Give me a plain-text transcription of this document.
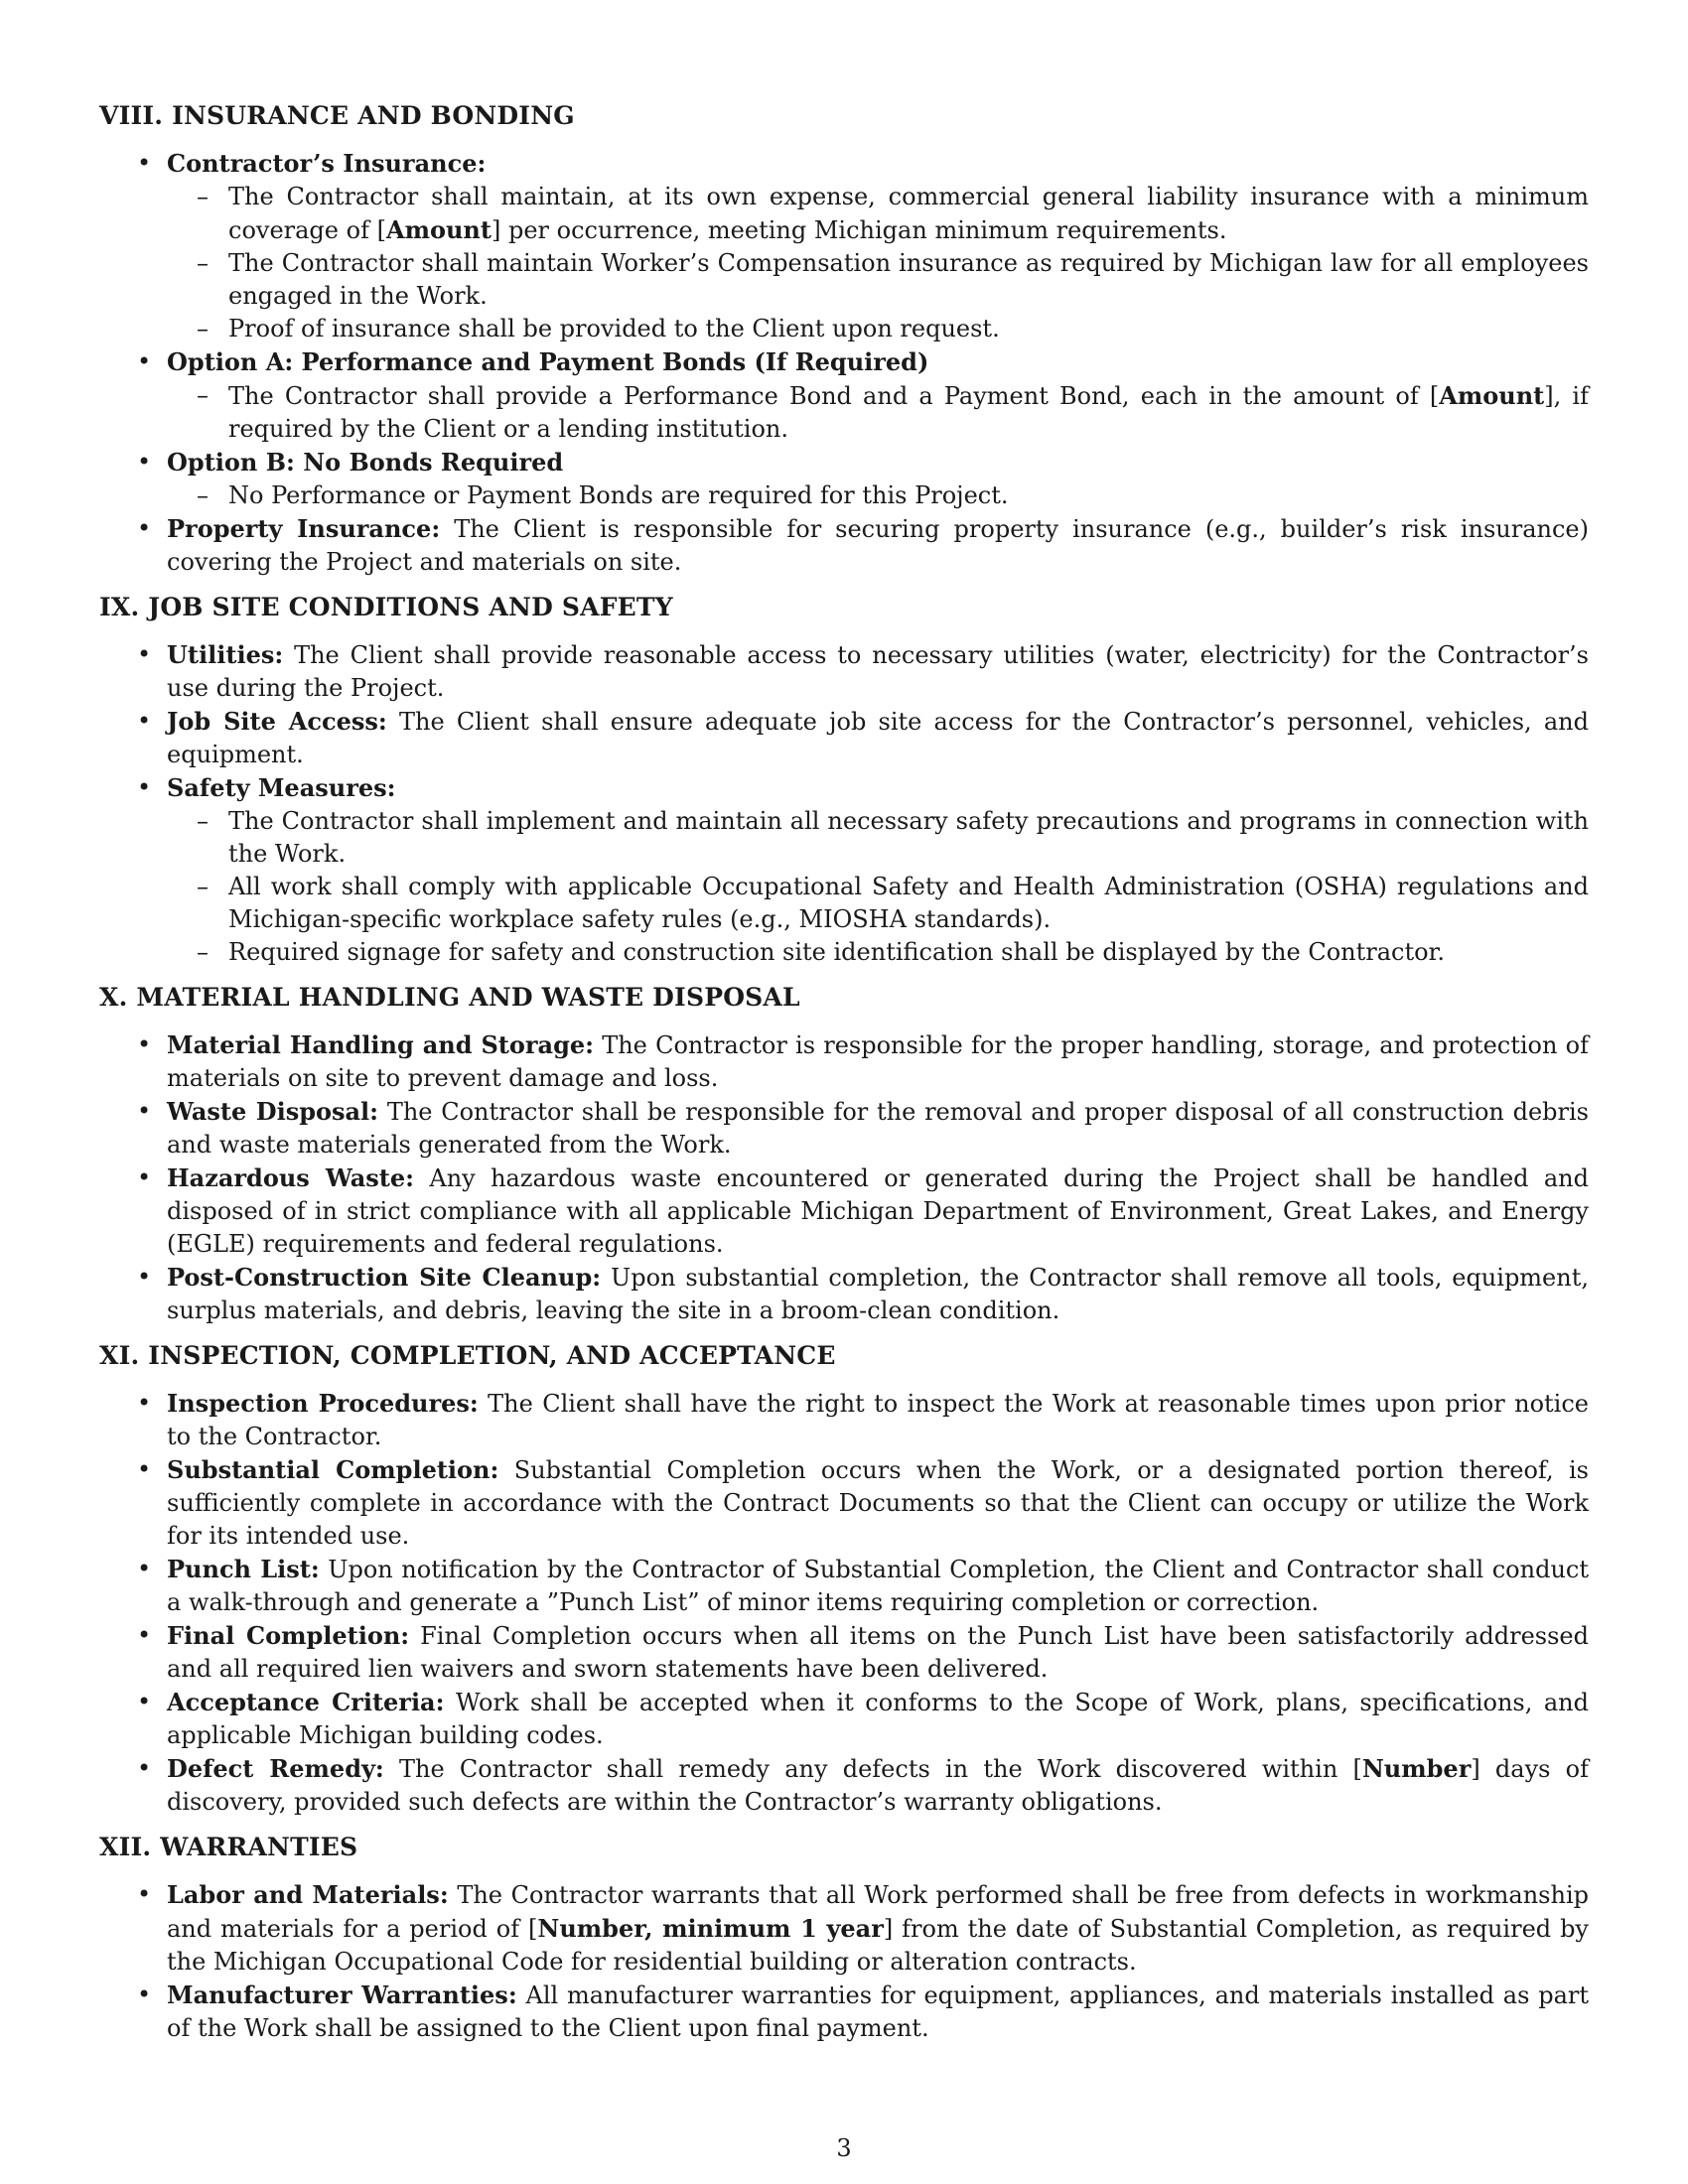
VIII. INSURANCE AND BONDING
• Contractor’s Insurance:
– The Contractor shall maintain, at its own expense, commercial general liability insurance with a minimum coverage of [Amount] per occurrence, meeting Michigan minimum requirements.
– The Contractor shall maintain Worker’s Compensation insurance as required by Michigan law for all employees engaged in the Work.
– Proof of insurance shall be provided to the Client upon request.
• Option A: Performance and Payment Bonds (If Required)
– The Contractor shall provide a Performance Bond and a Payment Bond, each in the amount of [Amount], if required by the Client or a lending institution.
• Option B: No Bonds Required
– No Performance or Payment Bonds are required for this Project.
• Property Insurance: The Client is responsible for securing property insurance (e.g., builder’s risk insurance) covering the Project and materials on site.
IX. JOB SITE CONDITIONS AND SAFETY
• Utilities: The Client shall provide reasonable access to necessary utilities (water, electricity) for the Contractor’s use during the Project.
• Job Site Access: The Client shall ensure adequate job site access for the Contractor’s personnel, vehicles, and equipment.
• Safety Measures:
– The Contractor shall implement and maintain all necessary safety precautions and programs in connection with the Work.
– All work shall comply with applicable Occupational Safety and Health Administration (OSHA) regulations and Michigan-specific workplace safety rules (e.g., MIOSHA standards).
– Required signage for safety and construction site identification shall be displayed by the Contractor.
X. MATERIAL HANDLING AND WASTE DISPOSAL
• Material Handling and Storage: The Contractor is responsible for the proper handling, storage, and protection of materials on site to prevent damage and loss.
• Waste Disposal: The Contractor shall be responsible for the removal and proper disposal of all construction debris and waste materials generated from the Work.
• Hazardous Waste: Any hazardous waste encountered or generated during the Project shall be handled and disposed of in strict compliance with all applicable Michigan Department of Environment, Great Lakes, and Energy (EGLE) requirements and federal regulations.
• Post-Construction Site Cleanup: Upon substantial completion, the Contractor shall remove all tools, equipment, surplus materials, and debris, leaving the site in a broom-clean condition.
XI. INSPECTION, COMPLETION, AND ACCEPTANCE
• Inspection Procedures: The Client shall have the right to inspect the Work at reasonable times upon prior notice to the Contractor.
• Substantial Completion: Substantial Completion occurs when the Work, or a designated portion thereof, is sufficiently complete in accordance with the Contract Documents so that the Client can occupy or utilize the Work for its intended use.
• Punch List: Upon notification by the Contractor of Substantial Completion, the Client and Contractor shall conduct a walk-through and generate a ”Punch List” of minor items requiring completion or correction.
• Final Completion: Final Completion occurs when all items on the Punch List have been satisfactorily addressed and all required lien waivers and sworn statements have been delivered.
• Acceptance Criteria: Work shall be accepted when it conforms to the Scope of Work, plans, specifications, and applicable Michigan building codes.
• Defect Remedy: The Contractor shall remedy any defects in the Work discovered within [Number] days of discovery, provided such defects are within the Contractor’s warranty obligations.
XII. WARRANTIES
• Labor and Materials: The Contractor warrants that all Work performed shall be free from defects in workmanship and materials for a period of [Number, minimum 1 year] from the date of Substantial Completion, as required by the Michigan Occupational Code for residential building or alteration contracts.
• Manufacturer Warranties: All manufacturer warranties for equipment, appliances, and materials installed as part of the Work shall be assigned to the Client upon final payment.
3
